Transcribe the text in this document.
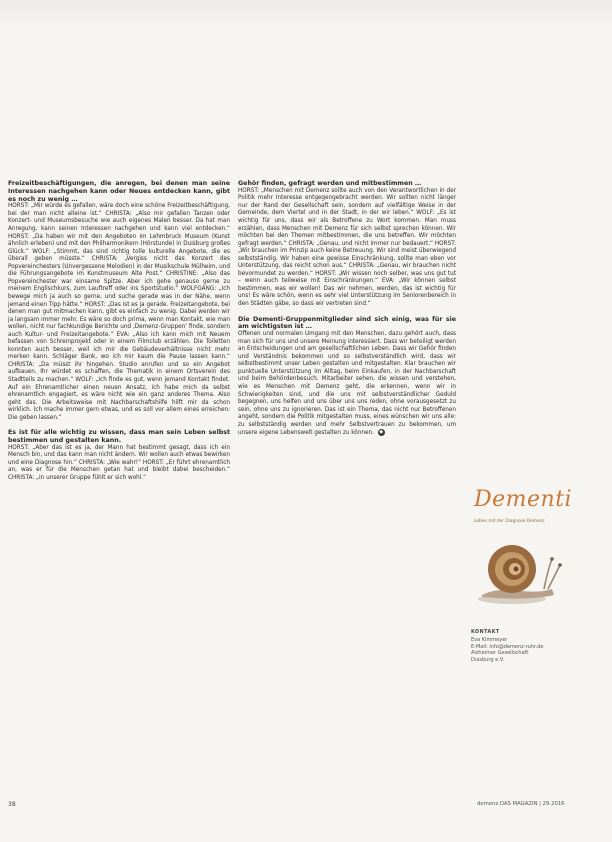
Freizeitbeschäftigungen, die anregen, bei denen man seine Interessen nachgehen kann oder Neues entdecken kann, gibt es noch zu wenig …

HORST: „Mir würde es gefallen, wäre doch eine schöne Freizeitbeschäftigung, bei der man nicht alleine ist.“ CHRISTA: „Also mir gefallen Tanzen oder Konzert- und Museumsbesuche wie auch eigenes Malen besser. Da hat man Anregung, kann seinen Interessen nachgehen und kann viel entdecken.“ HORST: „Da haben wir mit den Angeboten im Lehmbruck Museum (Kunst ähnlich erleben) und mit den Philharmonikern (Hörstunde) in Duisburg großes Glück.“ WOLF: „Stimmt, das sind richtig tolle kulturelle Angebote, die es überall geben müsste.“ CHRISTA: „Vergiss nicht das Konzert des Popvereinchesters (Unvergessene Melodien) in der Musikschule Mülheim, und die Führungsangebote im Kunstmuseum Alte Post.“ CHRISTINE: „Also das Popvereinchester war einsame Spitze. Aber ich gehe genauso gerne zu meinem Englischkurs, zum Lauftreff oder ins Sportstudio.“ WOLFGANG: „Ich bewege mich ja auch so gerne, und suche gerade was in der Nähe, wenn jemand einen Tipp hätte.“ HORST: „Das ist es ja gerade. Freizeitangebote, bei denen man gut mitmachen kann, gibt es einfach zu wenig. Dabei werden wir ja langsam immer mehr. Es wäre so doch prima, wenn man Kontakt, wie man wollen, nicht nur fachkundige Berichte und ‚Demenz-Gruppen‘ finde, sondern auch Kultur- und Freizeitangebote.“ EVA: „Also ich kann mich mit Neuem befassen von Schreinprojekt oder in einem Filmclub erzählen. Die Toiletten konnten auch besser, weil ich mir die Gebäudeverhältnisse nicht mehr merken kann. Schläger Bank, wo ich mir kaum die Pause lassen kann.“ CHRISTA: „Da müsst ihr hingehen. Studio anrufen und so ein Angebot aufbauen. Ihr würdet es schaffen, die Thematik in einem Ortsverein des Stadtteils zu machen.“ WOLF: „Ich finde es gut, wenn jemand Kontakt findet. Auf ein Ehrenamtlicher einen neuen Ansatz, ich habe mich da selbst ehrenamtlich engagiert, es wäre nicht wie ein ganz anderes Thema. Also geht das. Die Arbeitsweise mit Nachbarschaftshilfe hilft mir da schon wirklich. Ich mache immer gern etwas, und es soll vor allem eines erreichen: Die geben lassen.“

Es ist für alle wichtig zu wissen, dass man sein Leben selbst bestimmen und gestalten kann.

HORST: „Aber das ist es ja, der Mann hat bestimmt gesagt, dass ich ein Mensch bin, und das kann man nicht ändern. Wir wollen auch etwas bewirken und eine Diagnose hin.“ CHRISTA: „Wie wahr!“ HORST: „Er führt ehrenamtlich an, was er für die Menschen getan hat und bleibt dabei bescheiden.“ CHRISTA: „In unserer Gruppe fühlt er sich wohl.“

Gehör finden, gefragt werden und mitbestimmen …

HORST: „Menschen mit Demenz sollte auch von den Verantwortlichen in der Politik mehr Interesse entgegengebracht werden. Wir sollten nicht länger nur der Rand der Gesellschaft sein, sondern auf vielfältige Weise in der Gemeinde, dem Viertel und in der Stadt, in der wir leben.“ WOLF: „Es ist wichtig für uns, dass wir als Betroffene zu Wort kommen. Man muss erzählen, dass Menschen mit Demenz für sich selbst sprechen können. Wir möchten bei den Themen mitbestimmen, die uns betreffen. Wir möchten gefragt werden.“ CHRISTA: „Genau, und nicht immer nur bedauert.“ HORST: „Wir brauchen im Prinzip auch keine Betreuung. Wir sind meist überwiegend selbstständig. Wir haben eine gewisse Einschränkung, sollte man eben vor Unterstützung, das reicht schon aus.“ CHRISTA: „Genau, wir brauchen nicht bevormundet zu werden.“ HORST: „Wir wissen noch selber, was uns gut tut – wenn auch teilweise mit Einschränkungen.“ EVA: „Wir können selbst bestimmen, was wir wollen! Das wir nehmen, werden, das ist wichtig für uns! Es wäre schön, wenn es sehr viel Unterstützung im Seniorenbereich in den Städten gäbe, so dass wir vertreten sind.“

Die Dementi-Gruppenmitglieder sind sich einig, was für sie am wichtigsten ist …

Offenen und normalen Umgang mit den Menschen, dazu gehört auch, dass man sich für uns und unsere Meinung interessiert. Dass wir beteiligt werden an Entscheidungen und am gesellschaftlichen Leben. Dass wir Gehör finden und Verständnis bekommen und so selbstverständlich wird, dass wir selbstbestimmt unser Leben gestalten und mitgestalten. Klar brauchen wir punktuelle Unterstützung im Alltag, beim Einkaufen, in der Nachbarschaft und beim Behördenbesuch. Mitarbeiter sehen, die wissen und verstehen, wie es Menschen mit Demenz geht, die erkennen, wenn wir in Schwierigkeiten sind, und die uns mit selbstverständlicher Geduld begegnen, uns helfen und uns über uns uns reden, ohne vorausgesetzt zu sein, ohne uns zu ignorieren. Das ist ein Thema, das nicht nur Betroffenen angeht, sondern die Politik mitgestalten muss, eines wünschen wir uns alle: zu selbstständig werden und mehr Selbstvertrauen zu bekommen, um unsere eigene Lebenswelt gestalten zu können. ◆

Dementi
Leben mit der Diagnose Demenz
KONTAKT
Eva Kimmeyer
E-Mail: info@demenz-ruhr.de
Alzheimer Gesellschaft
Duisburg e.V.
38	demenz.DAS MAGAZIN | 29.2016
